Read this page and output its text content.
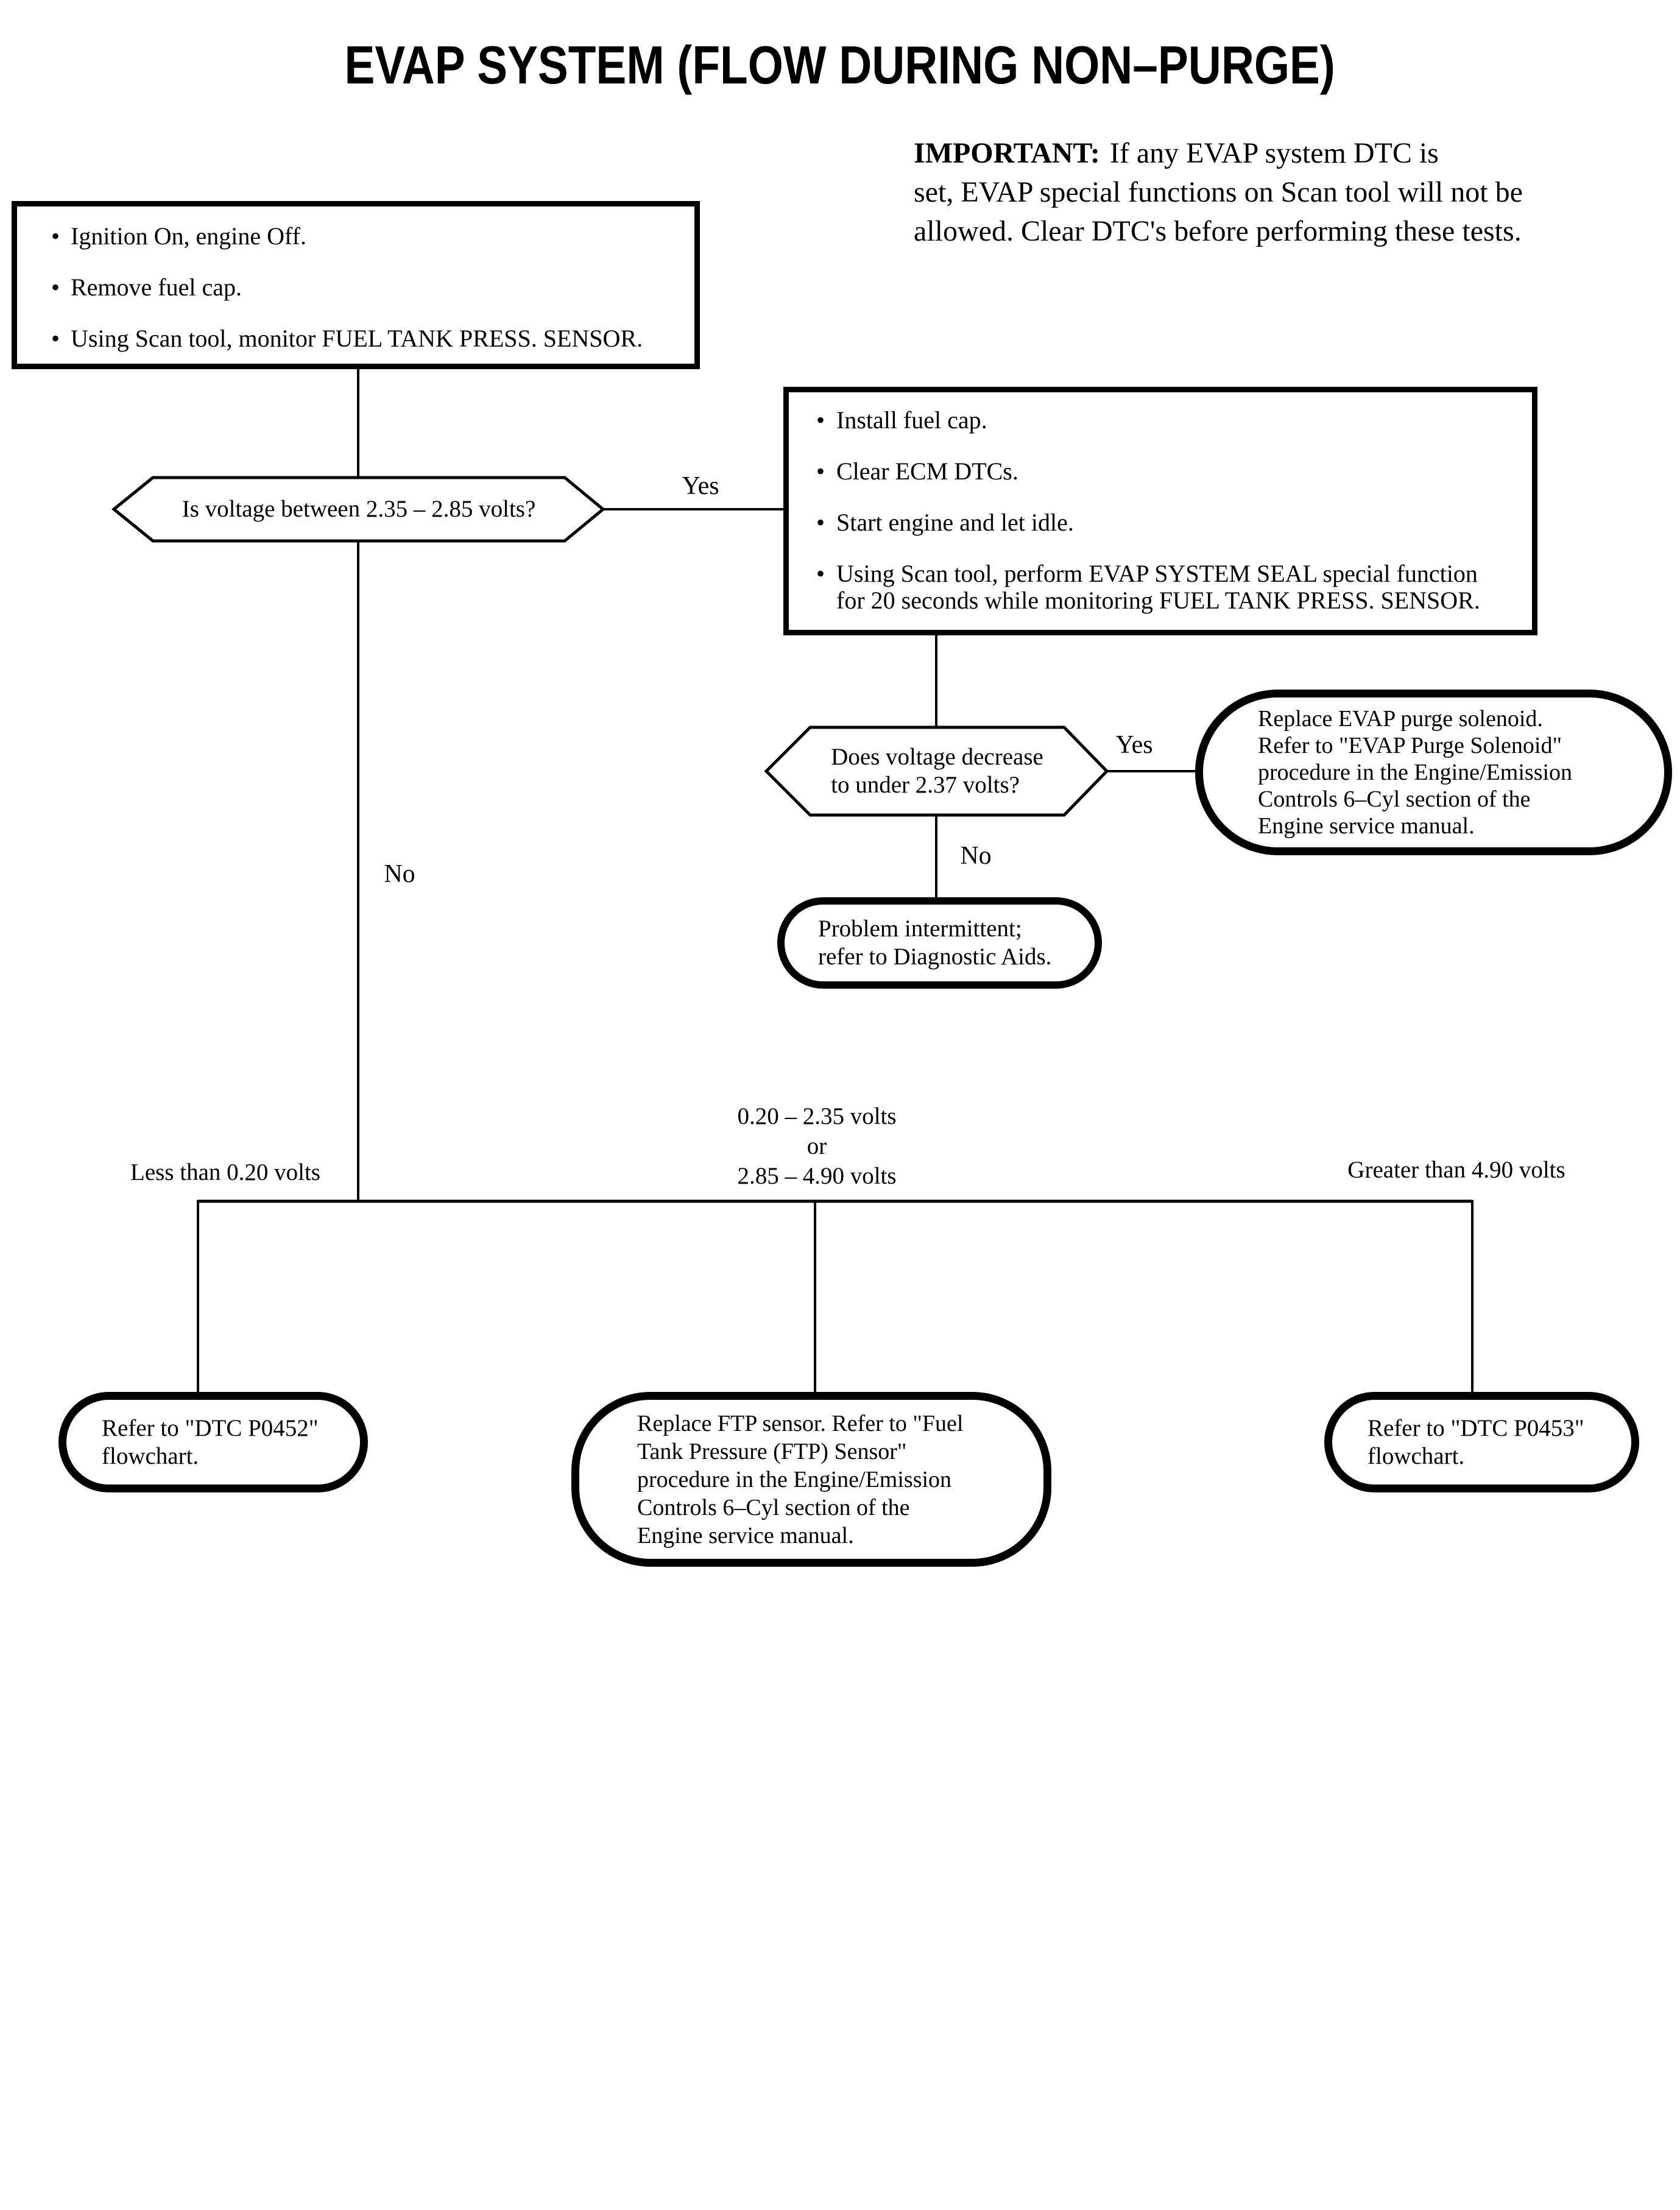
EVAP SYSTEM (FLOW DURING NON–PURGE)
IMPORTANT: If any EVAP system DTC is
set, EVAP special functions on Scan tool will not be
allowed. Clear DTC's before performing these tests.
• Ignition On, engine Off.
• Remove fuel cap.
• Using Scan tool, monitor FUEL TANK PRESS. SENSOR.
• Install fuel cap.
• Clear ECM DTCs.
• Start engine and let idle.
• Using Scan tool, perform EVAP SYSTEM SEAL special function
for 20 seconds while monitoring FUEL TANK PRESS. SENSOR.
Is voltage between 2.35 – 2.85 volts?
Yes
No
Does voltage decrease
to under 2.37 volts?
Yes
No
Replace EVAP purge solenoid.
Refer to "EVAP Purge Solenoid"
procedure in the Engine/Emission
Controls 6–Cyl section of the
Engine service manual.
Problem intermittent;
refer to Diagnostic Aids.
Less than 0.20 volts
0.20 – 2.35 volts
or
2.85 – 4.90 volts	Greater than 4.90 volts
Refer to "DTC P0452"
flowchart.
Replace FTP sensor. Refer to "Fuel
Tank Pressure (FTP) Sensor"
procedure in the Engine/Emission
Controls 6–Cyl section of the
Engine service manual.
Refer to "DTC P0453"
flowchart.
